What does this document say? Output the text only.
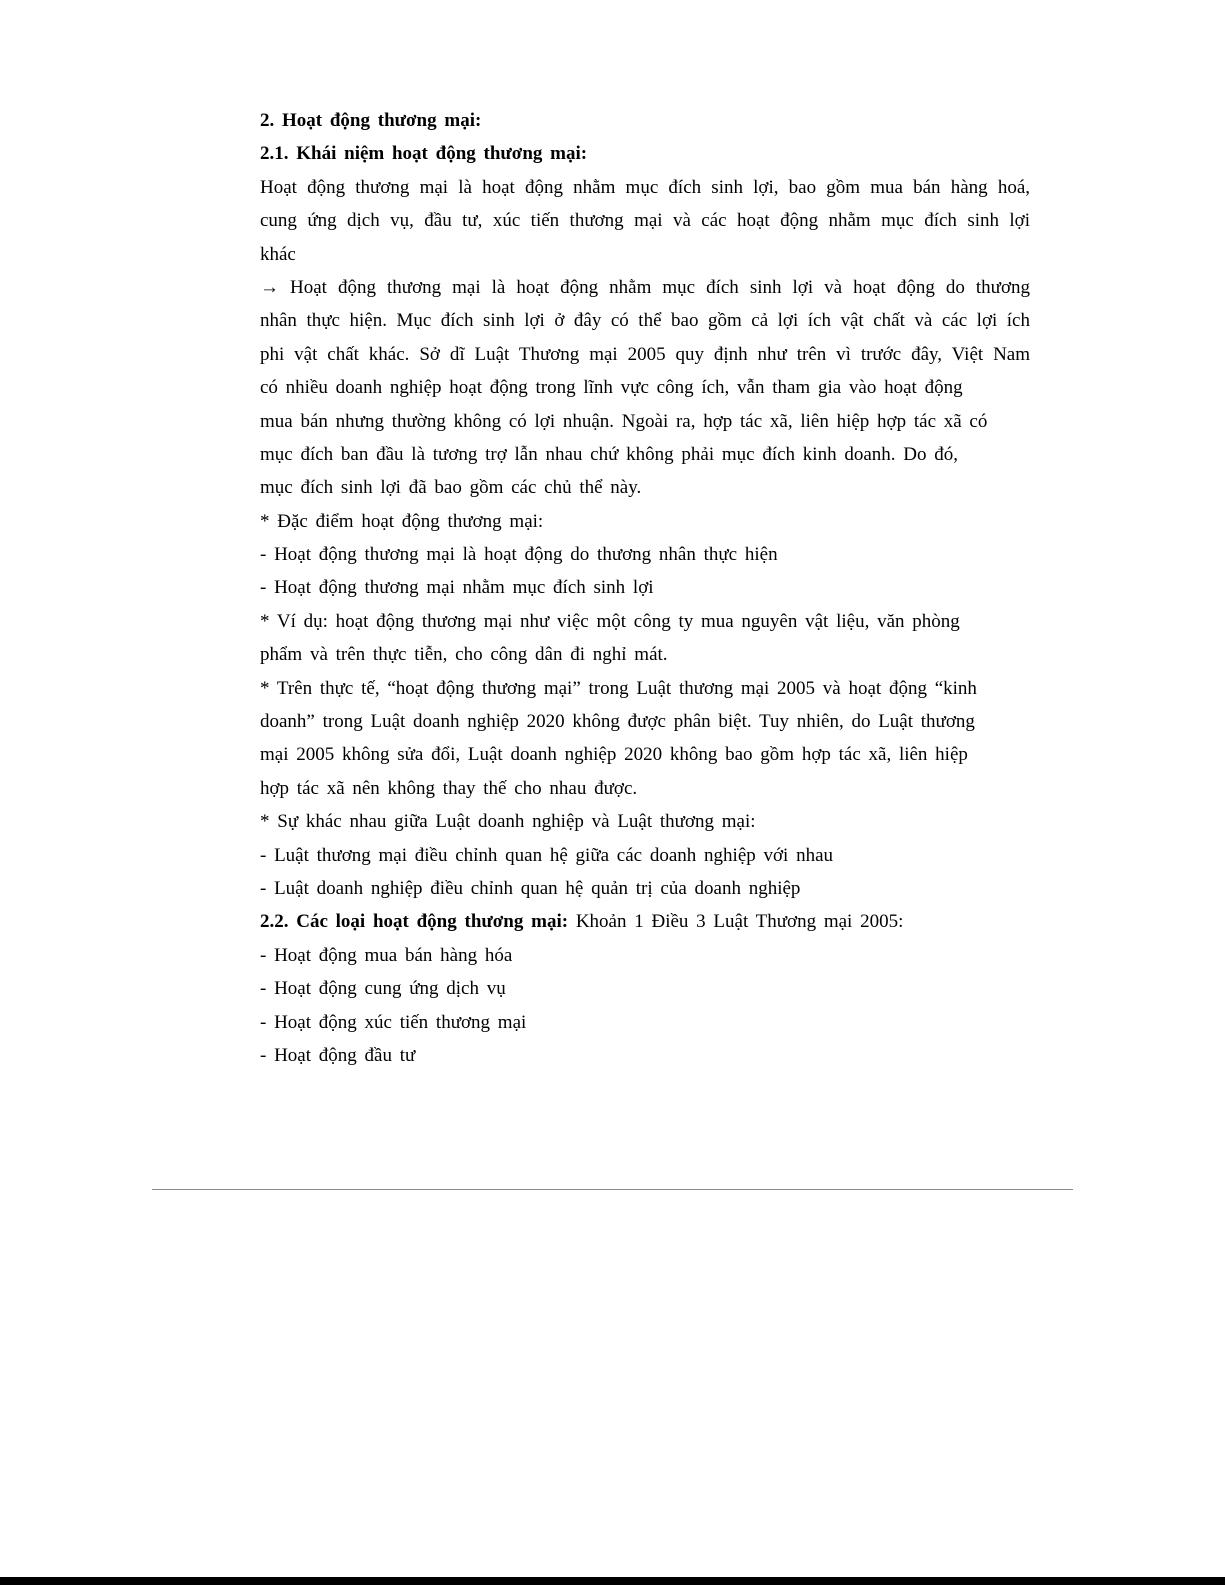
2. Hoạt động thương mại:
2.1. Khái niệm hoạt động thương mại:
Hoạt động thương mại là hoạt động nhằm mục đích sinh lợi, bao gồm mua bán hàng hoá,
cung ứng dịch vụ, đầu tư, xúc tiến thương mại và các hoạt động nhằm mục đích sinh lợi
khác
→ Hoạt động thương mại là hoạt động nhằm mục đích sinh lợi và hoạt động do thương
nhân thực hiện. Mục đích sinh lợi ở đây có thể bao gồm cả lợi ích vật chất và các lợi ích
phi vật chất khác. Sở dĩ Luật Thương mại 2005 quy định như trên vì trước đây, Việt Nam
có nhiều doanh nghiệp hoạt động trong lĩnh vực công ích, vẫn tham gia vào hoạt động
mua bán nhưng thường không có lợi nhuận. Ngoài ra, hợp tác xã, liên hiệp hợp tác xã có
mục đích ban đầu là tương trợ lẫn nhau chứ không phải mục đích kinh doanh. Do đó,
mục đích sinh lợi đã bao gồm các chủ thể này.
* Đặc điểm hoạt động thương mại:
- Hoạt động thương mại là hoạt động do thương nhân thực hiện
- Hoạt động thương mại nhằm mục đích sinh lợi
* Ví dụ: hoạt động thương mại như việc một công ty mua nguyên vật liệu, văn phòng
phẩm và trên thực tiễn, cho công dân đi nghỉ mát.
* Trên thực tế, “hoạt động thương mại” trong Luật thương mại 2005 và hoạt động “kinh
doanh” trong Luật doanh nghiệp 2020 không được phân biệt. Tuy nhiên, do Luật thương
mại 2005 không sửa đổi, Luật doanh nghiệp 2020 không bao gồm hợp tác xã, liên hiệp
hợp tác xã nên không thay thế cho nhau được.
* Sự khác nhau giữa Luật doanh nghiệp và Luật thương mại:
- Luật thương mại điều chỉnh quan hệ giữa các doanh nghiệp với nhau
- Luật doanh nghiệp điều chỉnh quan hệ quản trị của doanh nghiệp
2.2. Các loại hoạt động thương mại: Khoản 1 Điều 3 Luật Thương mại 2005:
- Hoạt động mua bán hàng hóa
- Hoạt động cung ứng dịch vụ
- Hoạt động xúc tiến thương mại
- Hoạt động đầu tư
